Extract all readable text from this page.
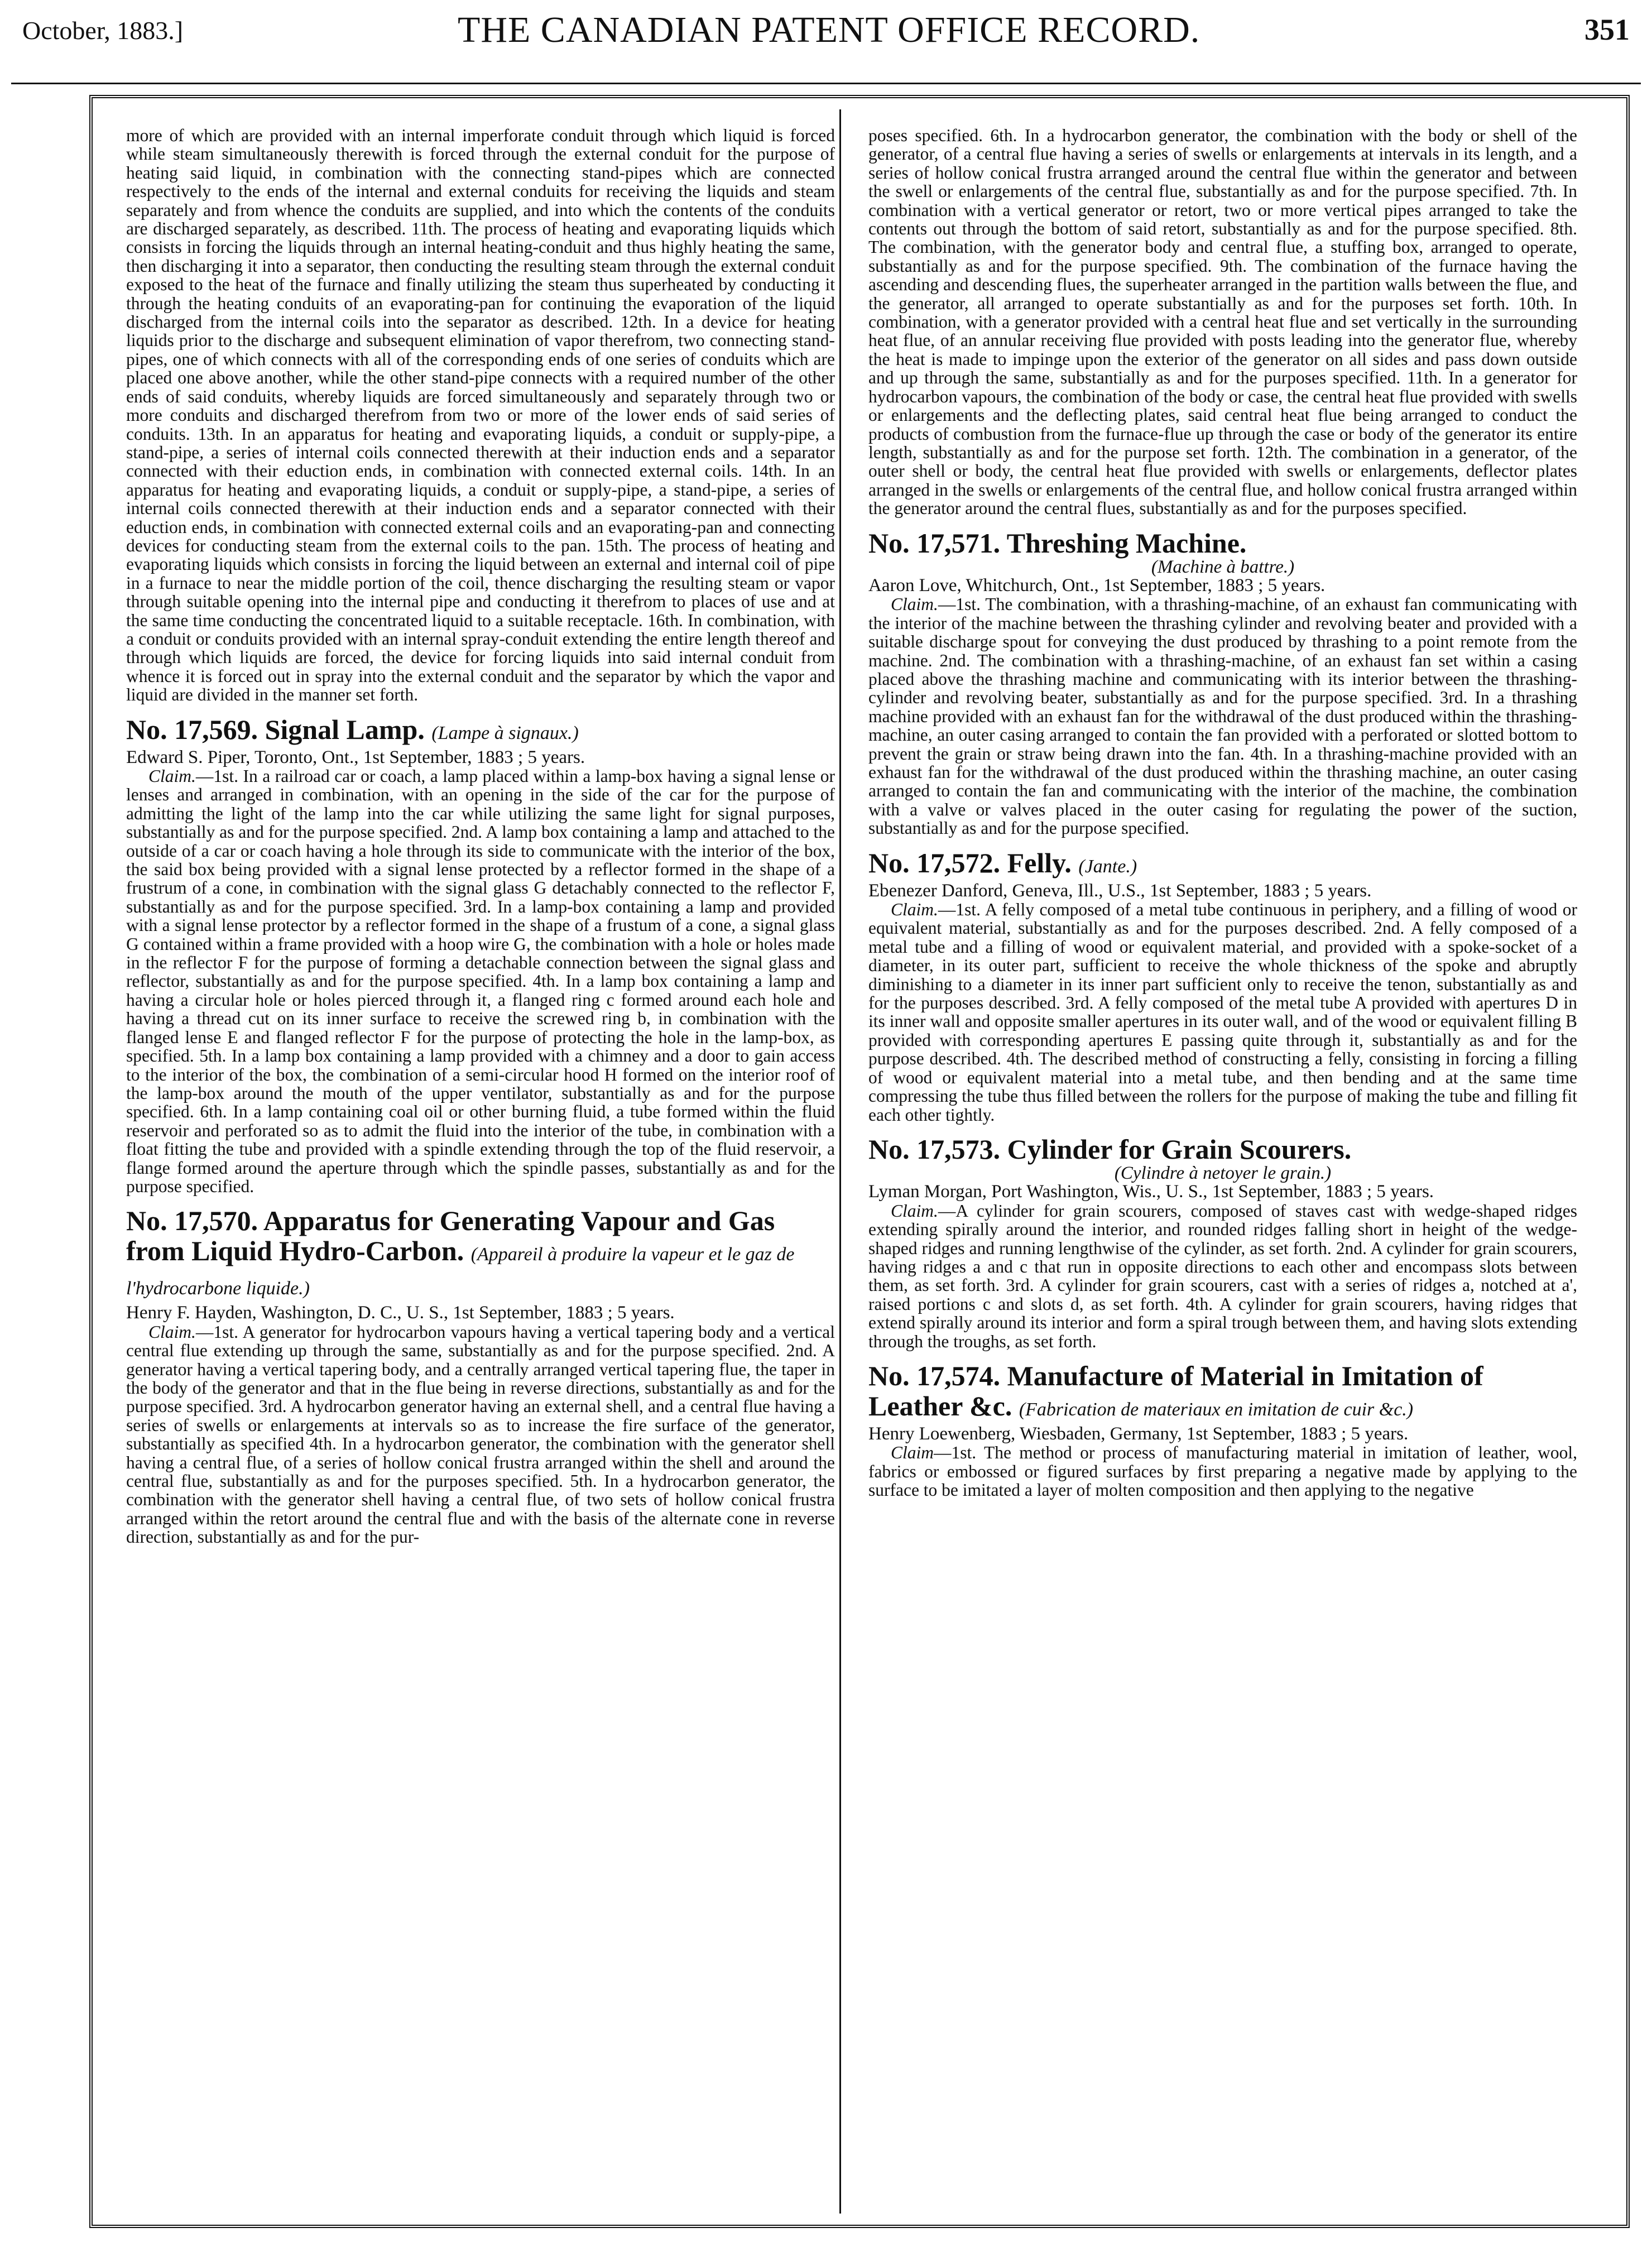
October, 1883.]	THE CANADIAN PATENT OFFICE RECORD.	351

more of which are provided with an internal imperforate conduit through which liquid is forced while steam simultaneously therewith is forced through the external conduit for the purpose of heating said liquid, in combination with the connecting stand-pipes which are connected respectively to the ends of the internal and external conduits for receiving the liquids and steam separately and from whence the conduits are supplied, and into which the contents of the conduits are discharged separately, as described. 11th. The process of heating and evaporating liquids which consists in forcing the liquids through an internal heating-conduit and thus highly heating the same, then discharging it into a separator, then conducting the resulting steam through the external conduit exposed to the heat of the furnace and finally utilizing the steam thus superheated by conducting it through the heating conduits of an evaporating-pan for continuing the evaporation of the liquid discharged from the internal coils into the separator as described. 12th. In a device for heating liquids prior to the discharge and subsequent elimination of vapor therefrom, two connecting stand-pipes, one of which connects with all of the corresponding ends of one series of conduits which are placed one above another, while the other stand-pipe connects with a required number of the other ends of said conduits, whereby liquids are forced simultaneously and separately through two or more conduits and discharged therefrom from two or more of the lower ends of said series of conduits. 13th. In an apparatus for heating and evaporating liquids, a conduit or supply-pipe, a stand-pipe, a series of internal coils connected therewith at their induction ends and a separator connected with their eduction ends, in combination with connected external coils. 14th. In an apparatus for heating and evaporating liquids, a conduit or supply-pipe, a stand-pipe, a series of internal coils connected therewith at their induction ends and a separator connected with their eduction ends, in combination with connected external coils and an evaporating-pan and connecting devices for conducting steam from the external coils to the pan. 15th. The process of heating and evaporating liquids which consists in forcing the liquid between an external and internal coil of pipe in a furnace to near the middle portion of the coil, thence discharging the resulting steam or vapor through suitable opening into the internal pipe and conducting it therefrom to places of use and at the same time conducting the concentrated liquid to a suitable receptacle. 16th. In combination, with a conduit or conduits provided with an internal spray-conduit extending the entire length thereof and through which liquids are forced, the device for forcing liquids into said internal conduit from whence it is forced out in spray into the external conduit and the separator by which the vapor and liquid are divided in the manner set forth.

No. 17,569. Signal Lamp. (Lampe à signaux.)

Edward S. Piper, Toronto, Ont., 1st September, 1883 ; 5 years.

Claim.—1st. In a railroad car or coach, a lamp placed within a lamp-box having a signal lense or lenses and arranged in combination, with an opening in the side of the car for the purpose of admitting the light of the lamp into the car while utilizing the same light for signal purposes, substantially as and for the purpose specified. 2nd. A lamp box containing a lamp and attached to the outside of a car or coach having a hole through its side to communicate with the interior of the box, the said box being provided with a signal lense protected by a reflector formed in the shape of a frustrum of a cone, in combination with the signal glass G detachably connected to the reflector F, substantially as and for the purpose specified. 3rd. In a lamp-box containing a lamp and provided with a signal lense protector by a reflector formed in the shape of a frustum of a cone, a signal glass G contained within a frame provided with a hoop wire G, the combination with a hole or holes made in the reflector F for the purpose of forming a detachable connection between the signal glass and reflector, substantially as and for the purpose specified. 4th. In a lamp box containing a lamp and having a circular hole or holes pierced through it, a flanged ring c formed around each hole and having a thread cut on its inner surface to receive the screwed ring b, in combination with the flanged lense E and flanged reflector F for the purpose of protecting the hole in the lamp-box, as specified. 5th. In a lamp box containing a lamp provided with a chimney and a door to gain access to the interior of the box, the combination of a semi-circular hood H formed on the interior roof of the lamp-box around the mouth of the upper ventilator, substantially as and for the purpose specified. 6th. In a lamp containing coal oil or other burning fluid, a tube formed within the fluid reservoir and perforated so as to admit the fluid into the interior of the tube, in combination with a float fitting the tube and provided with a spindle extending through the top of the fluid reservoir, a flange formed around the aperture through which the spindle passes, substantially as and for the purpose specified.

No. 17,570. Apparatus for Generating Vapour and Gas from Liquid Hydro-Carbon. (Appareil à produire la vapeur et le gaz de l'hydrocarbone liquide.)

Henry F. Hayden, Washington, D. C., U. S., 1st September, 1883 ; 5 years.

Claim.—1st. A generator for hydrocarbon vapours having a vertical tapering body and a vertical central flue extending up through the same, substantially as and for the purpose specified. 2nd. A generator having a vertical tapering body, and a centrally arranged vertical tapering flue, the taper in the body of the generator and that in the flue being in reverse directions, substantially as and for the purpose specified. 3rd. A hydrocarbon generator having an external shell, and a central flue having a series of swells or enlargements at intervals so as to increase the fire surface of the generator, substantially as specified 4th. In a hydrocarbon generator, the combination with the generator shell having a central flue, of a series of hollow conical frustra arranged within the shell and around the central flue, substantially as and for the purposes specified. 5th. In a hydrocarbon generator, the combination with the generator shell having a central flue, of two sets of hollow conical frustra arranged within the retort around the central flue and with the basis of the alternate cone in reverse direction, substantially as and for the pur-

poses specified. 6th. In a hydrocarbon generator, the combination with the body or shell of the generator, of a central flue having a series of swells or enlargements at intervals in its length, and a series of hollow conical frustra arranged around the central flue within the generator and between the swell or enlargements of the central flue, substantially as and for the purpose specified. 7th. In combination with a vertical generator or retort, two or more vertical pipes arranged to take the contents out through the bottom of said retort, substantially as and for the purpose specified. 8th. The combination, with the generator body and central flue, a stuffing box, arranged to operate, substantially as and for the purpose specified. 9th. The combination of the furnace having the ascending and descending flues, the superheater arranged in the partition walls between the flue, and the generator, all arranged to operate substantially as and for the purposes set forth. 10th. In combination, with a generator provided with a central heat flue and set vertically in the surrounding heat flue, of an annular receiving flue provided with posts leading into the generator flue, whereby the heat is made to impinge upon the exterior of the generator on all sides and pass down outside and up through the same, substantially as and for the purposes specified. 11th. In a generator for hydrocarbon vapours, the combination of the body or case, the central heat flue provided with swells or enlargements and the deflecting plates, said central heat flue being arranged to conduct the products of combustion from the furnace-flue up through the case or body of the generator its entire length, substantially as and for the purpose set forth. 12th. The combination in a generator, of the outer shell or body, the central heat flue provided with swells or enlargements, deflector plates arranged in the swells or enlargements of the central flue, and hollow conical frustra arranged within the generator around the central flues, substantially as and for the purposes specified.

No. 17,571. Threshing Machine.

(Machine à battre.)

Aaron Love, Whitchurch, Ont., 1st September, 1883 ; 5 years.

Claim.—1st. The combination, with a thrashing-machine, of an exhaust fan communicating with the interior of the machine between the thrashing cylinder and revolving beater and provided with a suitable discharge spout for conveying the dust produced by thrashing to a point remote from the machine. 2nd. The combination with a thrashing-machine, of an exhaust fan set within a casing placed above the thrashing machine and communicating with its interior between the thrashing-cylinder and revolving beater, substantially as and for the purpose specified. 3rd. In a thrashing machine provided with an exhaust fan for the withdrawal of the dust produced within the thrashing-machine, an outer casing arranged to contain the fan provided with a perforated or slotted bottom to prevent the grain or straw being drawn into the fan. 4th. In a thrashing-machine provided with an exhaust fan for the withdrawal of the dust produced within the thrashing machine, an outer casing arranged to contain the fan and communicating with the interior of the machine, the combination with a valve or valves placed in the outer casing for regulating the power of the suction, substantially as and for the purpose specified.

No. 17,572. Felly. (Jante.)

Ebenezer Danford, Geneva, Ill., U.S., 1st September, 1883 ; 5 years.

Claim.—1st. A felly composed of a metal tube continuous in periphery, and a filling of wood or equivalent material, substantially as and for the purposes described. 2nd. A felly composed of a metal tube and a filling of wood or equivalent material, and provided with a spoke-socket of a diameter, in its outer part, sufficient to receive the whole thickness of the spoke and abruptly diminishing to a diameter in its inner part sufficient only to receive the tenon, substantially as and for the purposes described. 3rd. A felly composed of the metal tube A provided with apertures D in its inner wall and opposite smaller apertures in its outer wall, and of the wood or equivalent filling B provided with corresponding apertures E passing quite through it, substantially as and for the purpose described. 4th. The described method of constructing a felly, consisting in forcing a filling of wood or equivalent material into a metal tube, and then bending and at the same time compressing the tube thus filled between the rollers for the purpose of making the tube and filling fit each other tightly.

No. 17,573. Cylinder for Grain Scourers.

(Cylindre à netoyer le grain.)

Lyman Morgan, Port Washington, Wis., U. S., 1st September, 1883 ; 5 years.

Claim.—A cylinder for grain scourers, composed of staves cast with wedge-shaped ridges extending spirally around the interior, and rounded ridges falling short in height of the wedge-shaped ridges and running lengthwise of the cylinder, as set forth. 2nd. A cylinder for grain scourers, having ridges a and c that run in opposite directions to each other and encompass slots between them, as set forth. 3rd. A cylinder for grain scourers, cast with a series of ridges a, notched at a', raised portions c and slots d, as set forth. 4th. A cylinder for grain scourers, having ridges that extend spirally around its interior and form a spiral trough between them, and having slots extending through the troughs, as set forth.

No. 17,574. Manufacture of Material in Imitation of Leather &c. (Fabrication de materiaux en imitation de cuir &c.)

Henry Loewenberg, Wiesbaden, Germany, 1st September, 1883 ; 5 years.

Claim—1st. The method or process of manufacturing material in imitation of leather, wool, fabrics or embossed or figured surfaces by first preparing a negative made by applying to the surface to be imitated a layer of molten composition and then applying to the negative
